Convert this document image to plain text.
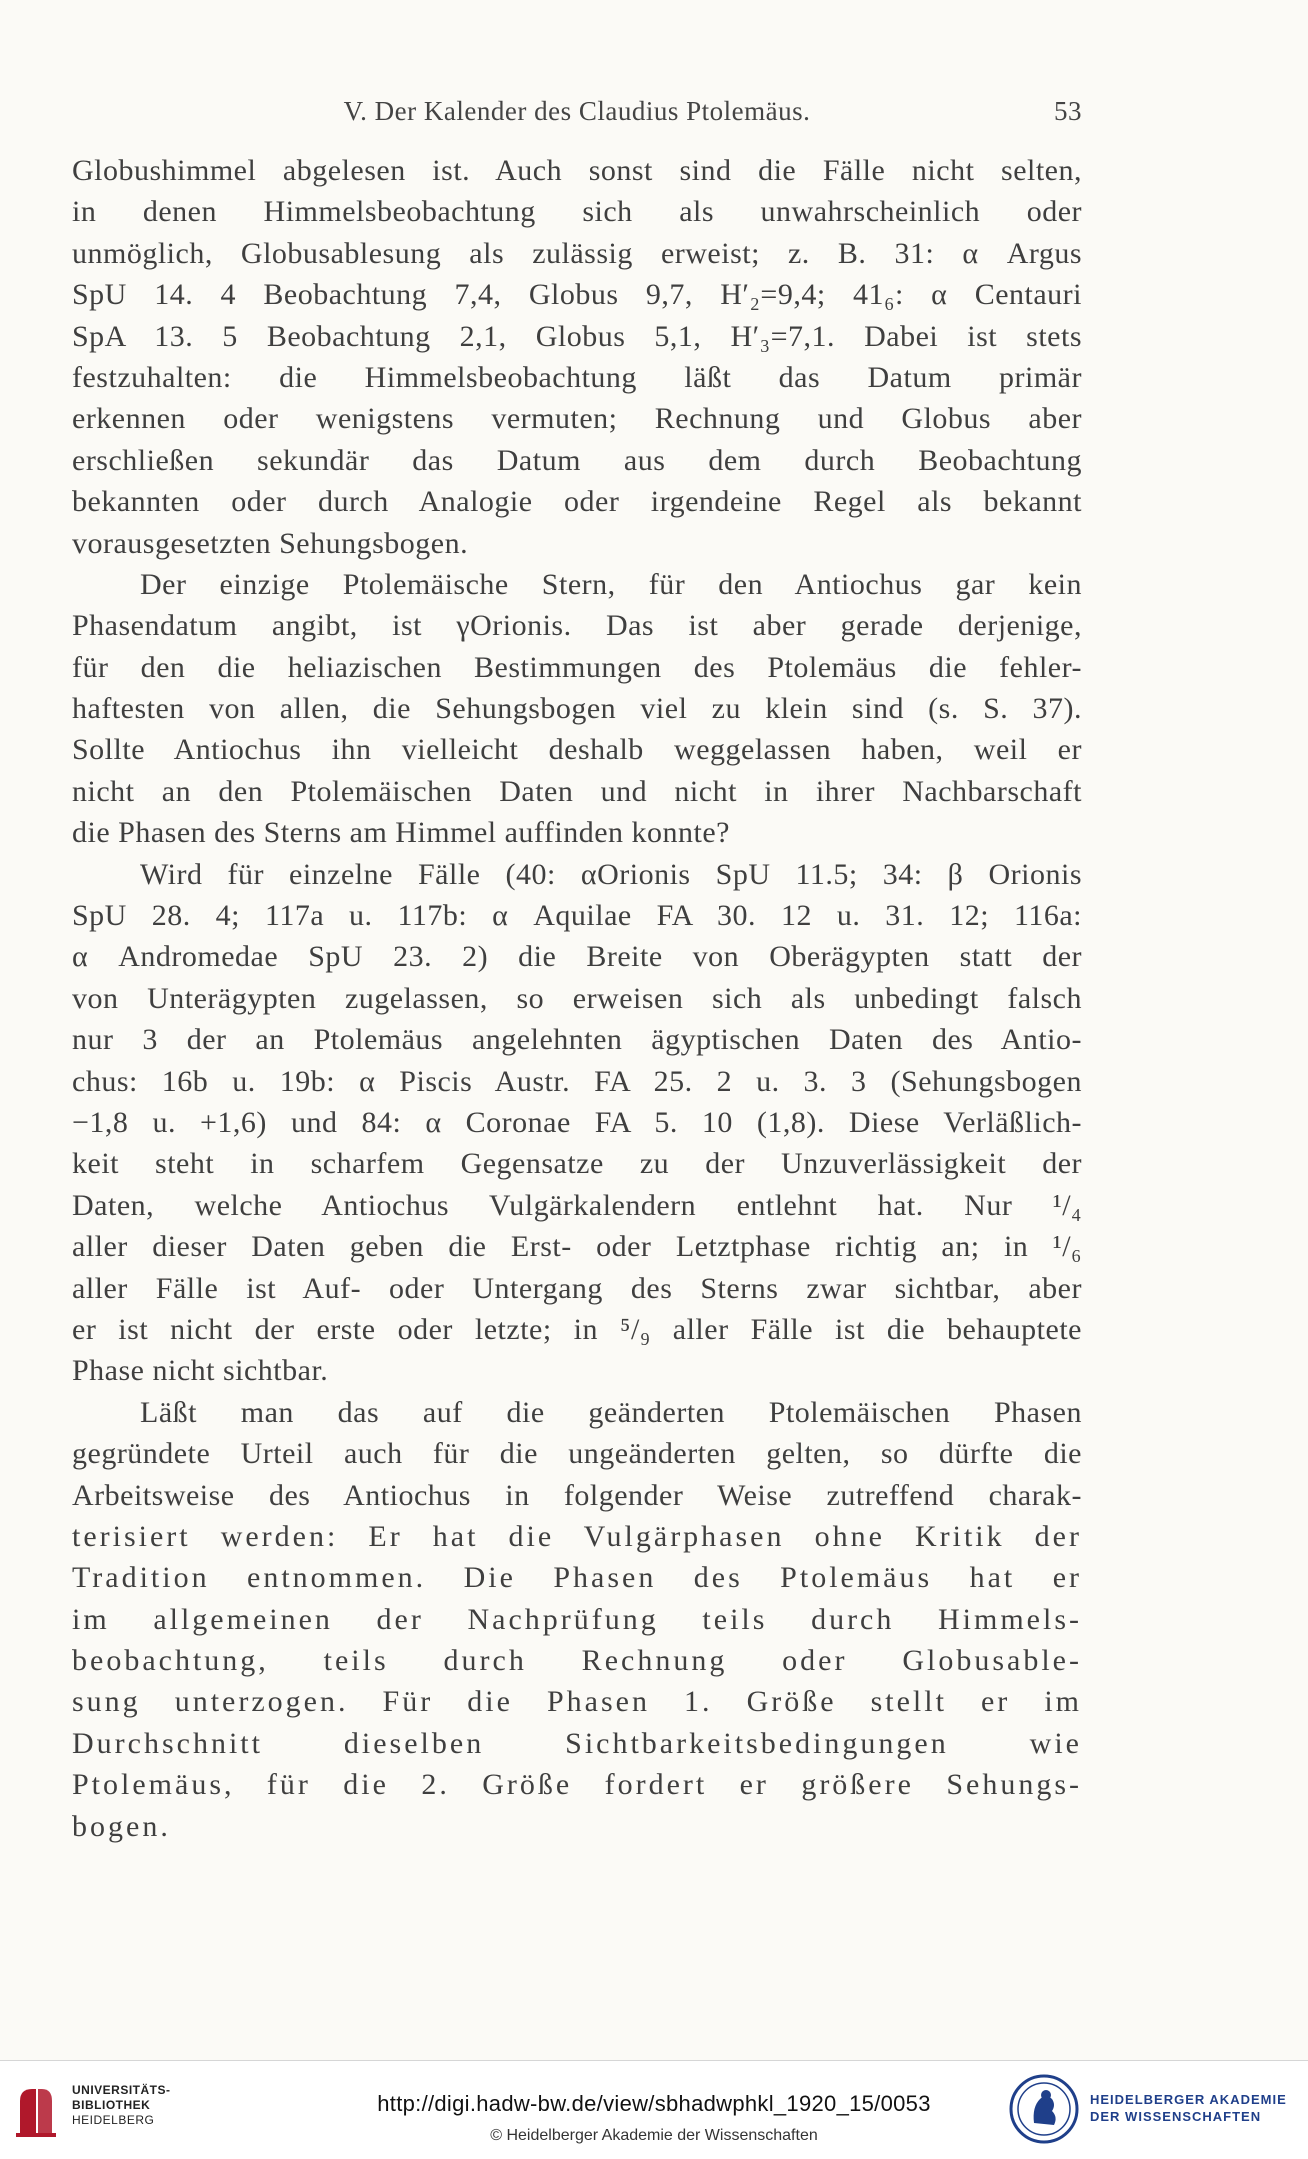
V. Der Kalender des Claudius Ptolemäus.	53
Globushimmel abgelesen ist. Auch sonst sind die Fälle nicht selten,
in denen Himmelsbeobachtung sich als unwahrscheinlich oder
unmöglich, Globusablesung als zulässig erweist; z. B. 31: α Argus
SpU 14. 4 Beobachtung 7,4, Globus 9,7, H′₂=9,4; 41₆: α Centauri
SpA 13. 5 Beobachtung 2,1, Globus 5,1, H′₃=7,1. Dabei ist stets
festzuhalten: die Himmelsbeobachtung läßt das Datum primär
erkennen oder wenigstens vermuten; Rechnung und Globus aber
erschließen sekundär das Datum aus dem durch Beobachtung
bekannten oder durch Analogie oder irgendeine Regel als bekannt
vorausgesetzten Sehungsbogen.
Der einzige Ptolemäische Stern, für den Antiochus gar kein
Phasendatum angibt, ist γOrionis. Das ist aber gerade derjenige,
für den die heliazischen Bestimmungen des Ptolemäus die fehler-
haftesten von allen, die Sehungsbogen viel zu klein sind (s. S. 37).
Sollte Antiochus ihn vielleicht deshalb weggelassen haben, weil er
nicht an den Ptolemäischen Daten und nicht in ihrer Nachbarschaft
die Phasen des Sterns am Himmel auffinden konnte?
Wird für einzelne Fälle (40: αOrionis SpU 11.5; 34: β Orionis
SpU 28. 4; 117a u. 117b: α Aquilae FA 30. 12 u. 31. 12; 116a:
α Andromedae SpU 23. 2) die Breite von Oberägypten statt der
von Unterägypten zugelassen, so erweisen sich als unbedingt falsch
nur 3 der an Ptolemäus angelehnten ägyptischen Daten des Antio-
chus: 16b u. 19b: α Piscis Austr. FA 25. 2 u. 3. 3 (Sehungsbogen
−1,8 u. +1,6) und 84: α Coronae FA 5. 10 (1,8). Diese Verläßlich-
keit steht in scharfem Gegensatze zu der Unzuverlässigkeit der
Daten, welche Antiochus Vulgärkalendern entlehnt hat. Nur ¹/₄
aller dieser Daten geben die Erst- oder Letztphase richtig an; in ¹/₆
aller Fälle ist Auf- oder Untergang des Sterns zwar sichtbar, aber
er ist nicht der erste oder letzte; in ⁵/₉ aller Fälle ist die behauptete
Phase nicht sichtbar.
Läßt man das auf die geänderten Ptolemäischen Phasen
gegründete Urteil auch für die ungeänderten gelten, so dürfte die
Arbeitsweise des Antiochus in folgender Weise zutreffend charak-
terisiert werden: Er hat die Vulgärphasen ohne Kritik der
Tradition entnommen. Die Phasen des Ptolemäus hat er
im allgemeinen der Nachprüfung teils durch Himmels-
beobachtung, teils durch Rechnung oder Globusable-
sung unterzogen. Für die Phasen 1. Größe stellt er im
Durchschnitt dieselben Sichtbarkeitsbedingungen wie
Ptolemäus, für die 2. Größe fordert er größere Sehungs-
bogen.
UNIVERSITÄTS-
BIBLIOTHEK
HEIDELBERG
http://digi.hadw-bw.de/view/sbhadwphkl_1920_15/0053
© Heidelberger Akademie der Wissenschaften
HEIDELBERGER AKADEMIE
DER WISSENSCHAFTEN
